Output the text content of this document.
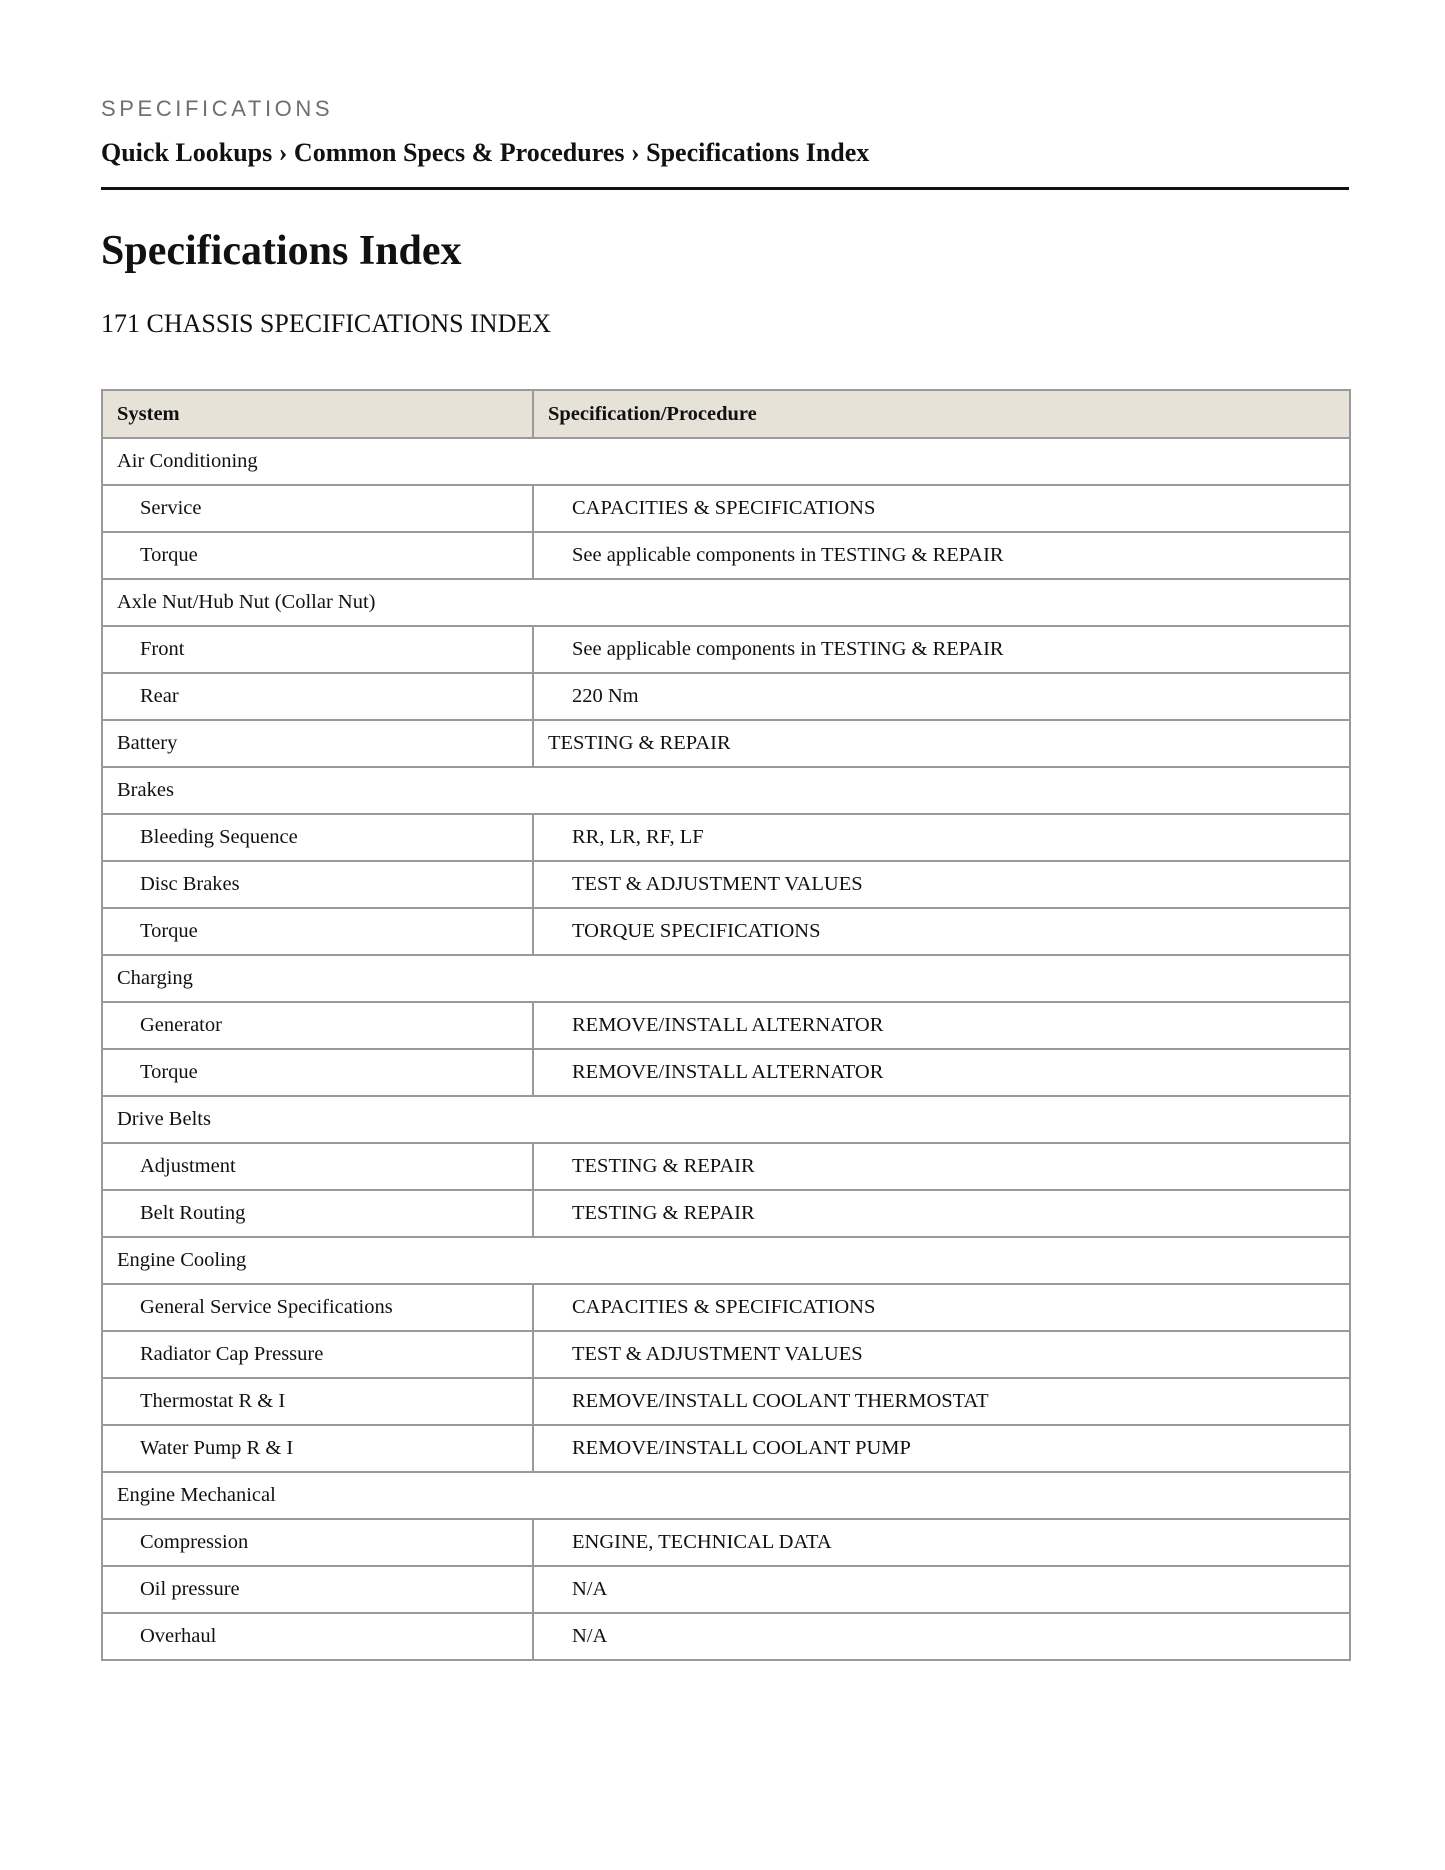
SPECIFICATIONS
Quick Lookups › Common Specs & Procedures › Specifications Index
Specifications Index
171 CHASSIS SPECIFICATIONS INDEX
System	Specification/Procedure
Air Conditioning	
Service	CAPACITIES & SPECIFICATIONS
Torque	See applicable components in TESTING & REPAIR
Axle Nut/Hub Nut (Collar Nut)	
Front	See applicable components in TESTING & REPAIR
Rear	220 Nm
Battery	TESTING & REPAIR
Brakes	
Bleeding Sequence	RR, LR, RF, LF
Disc Brakes	TEST & ADJUSTMENT VALUES
Torque	TORQUE SPECIFICATIONS
Charging	
Generator	REMOVE/INSTALL ALTERNATOR
Torque	REMOVE/INSTALL ALTERNATOR
Drive Belts	
Adjustment	TESTING & REPAIR
Belt Routing	TESTING & REPAIR
Engine Cooling	
General Service Specifications	CAPACITIES & SPECIFICATIONS
Radiator Cap Pressure	TEST & ADJUSTMENT VALUES
Thermostat R & I	REMOVE/INSTALL COOLANT THERMOSTAT
Water Pump R & I	REMOVE/INSTALL COOLANT PUMP
Engine Mechanical	
Compression	ENGINE, TECHNICAL DATA
Oil pressure	N/A
Overhaul	N/A
